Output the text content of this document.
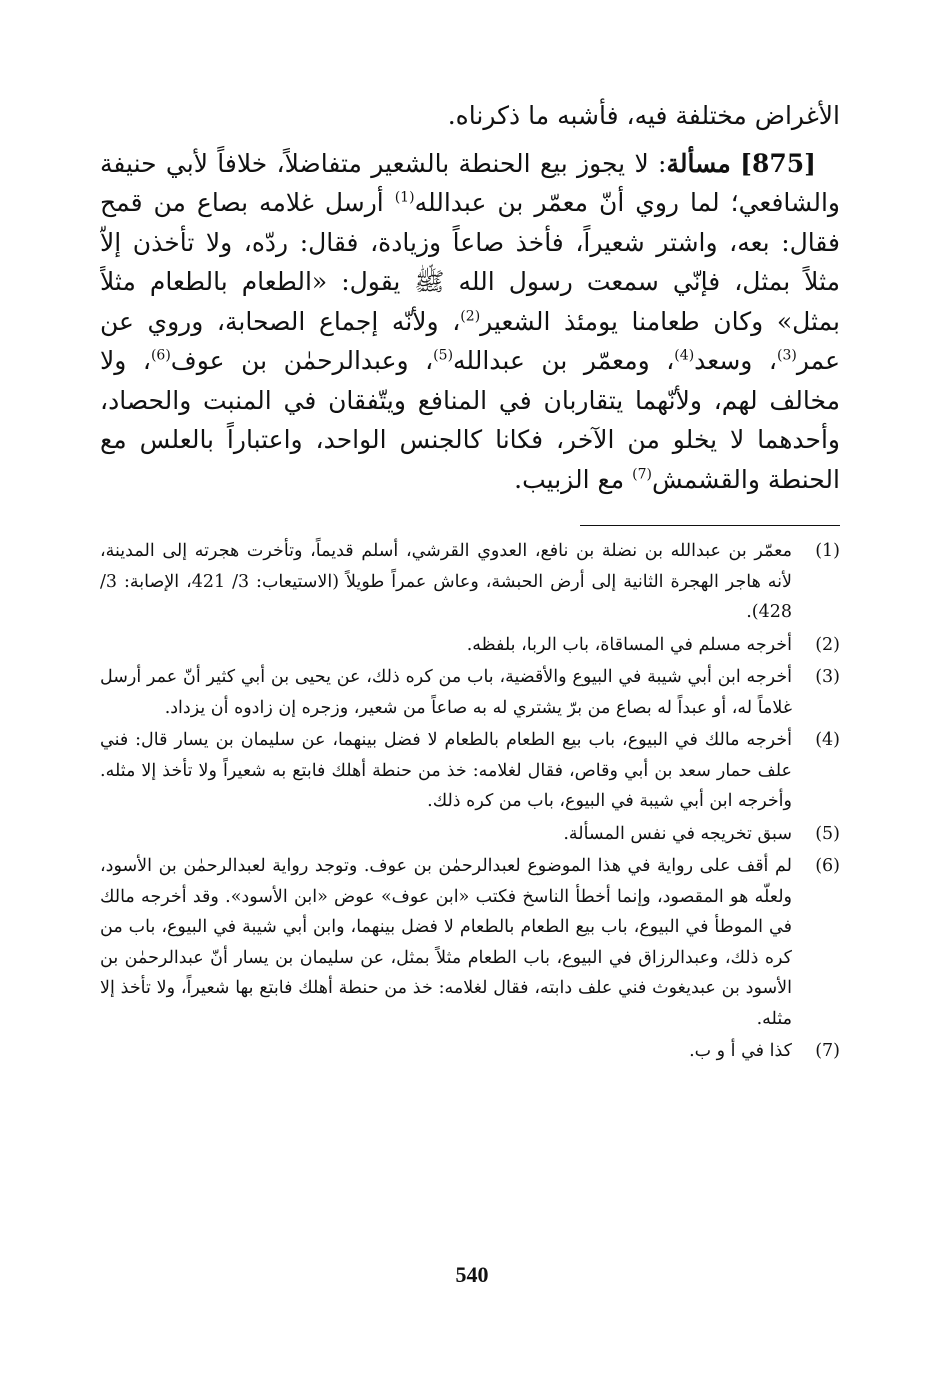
الأغراض مختلفة فيه، فأشبه ما ذكرناه.

[875] مسألة: لا يجوز بيع الحنطة بالشعير متفاضلاً، خلافاً لأبي حنيفة والشافعي؛ لما روي أنّ معمّر بن عبدالله$^{(1)}$ أرسل غلامه بصاع من قمح فقال: بعه، واشتر شعيراً، فأخذ صاعاً وزيادة، فقال: ردّه، ولا تأخذن إلاّ مثلاً بمثل، فإنّي سمعت رسول الله ﷺ يقول: «الطعام بالطعام مثلاً بمثل» وكان طعامنا يومئذ الشعير$^{(2)}$، ولأنّه إجماع الصحابة، وروي عن عمر$^{(3)}$، وسعد$^{(4)}$، ومعمّر بن عبدالله$^{(5)}$، وعبدالرحمٰن بن عوف$^{(6)}$، ولا مخالف لهم، ولأنّهما يتقاربان في المنافع ويتّفقان في المنبت والحصاد، وأحدهما لا يخلو من الآخر، فكانا كالجنس الواحد، واعتباراً بالعلس مع الحنطة والقشمش$^{(7)}$ مع الزبيب.

(1)
معمّر بن عبدالله بن نضلة بن نافع، العدوي القرشي، أسلم قديماً، وتأخرت هجرته إلى المدينة، لأنه هاجر الهجرة الثانية إلى أرض الحبشة، وعاش عمراً طويلاً (الاستيعاب: 3/ 421، الإصابة: 3/ 428).
(2)
أخرجه مسلم في المساقاة، باب الربا، بلفظه.
(3)
أخرجه ابن أبي شيبة في البيوع والأقضية، باب من كره ذلك، عن يحيى بن أبي كثير أنّ عمر أرسل غلاماً له، أو عبداً له بصاع من برّ يشتري له به صاعاً من شعير، وزجره إن زادوه أن يزداد.
(4)
أخرجه مالك في البيوع، باب بيع الطعام بالطعام لا فضل بينهما، عن سليمان بن يسار قال: فني علف حمار سعد بن أبي وقاص، فقال لغلامه: خذ من حنطة أهلك فابتع به شعيراً ولا تأخذ إلا مثله. وأخرجه ابن أبي شيبة في البيوع، باب من كره ذلك.
(5)
سبق تخريجه في نفس المسألة.
(6)
لم أقف على رواية في هذا الموضوع لعبدالرحمٰن بن عوف. وتوجد رواية لعبدالرحمٰن بن الأسود، ولعلّه هو المقصود، وإنما أخطأ الناسخ فكتب «ابن عوف» عوض «ابن الأسود». وقد أخرجه مالك في الموطأ في البيوع، باب بيع الطعام بالطعام لا فضل بينهما، وابن أبي شيبة في البيوع، باب من كره ذلك، وعبدالرزاق في البيوع، باب الطعام مثلاً بمثل، عن سليمان بن يسار أنّ عبدالرحمٰن بن الأسود بن عبديغوث فني علف دابته، فقال لغلامه: خذ من حنطة أهلك فابتع بها شعيراً، ولا تأخذ إلا مثله.
(7)
كذا في أ و ب.
540
